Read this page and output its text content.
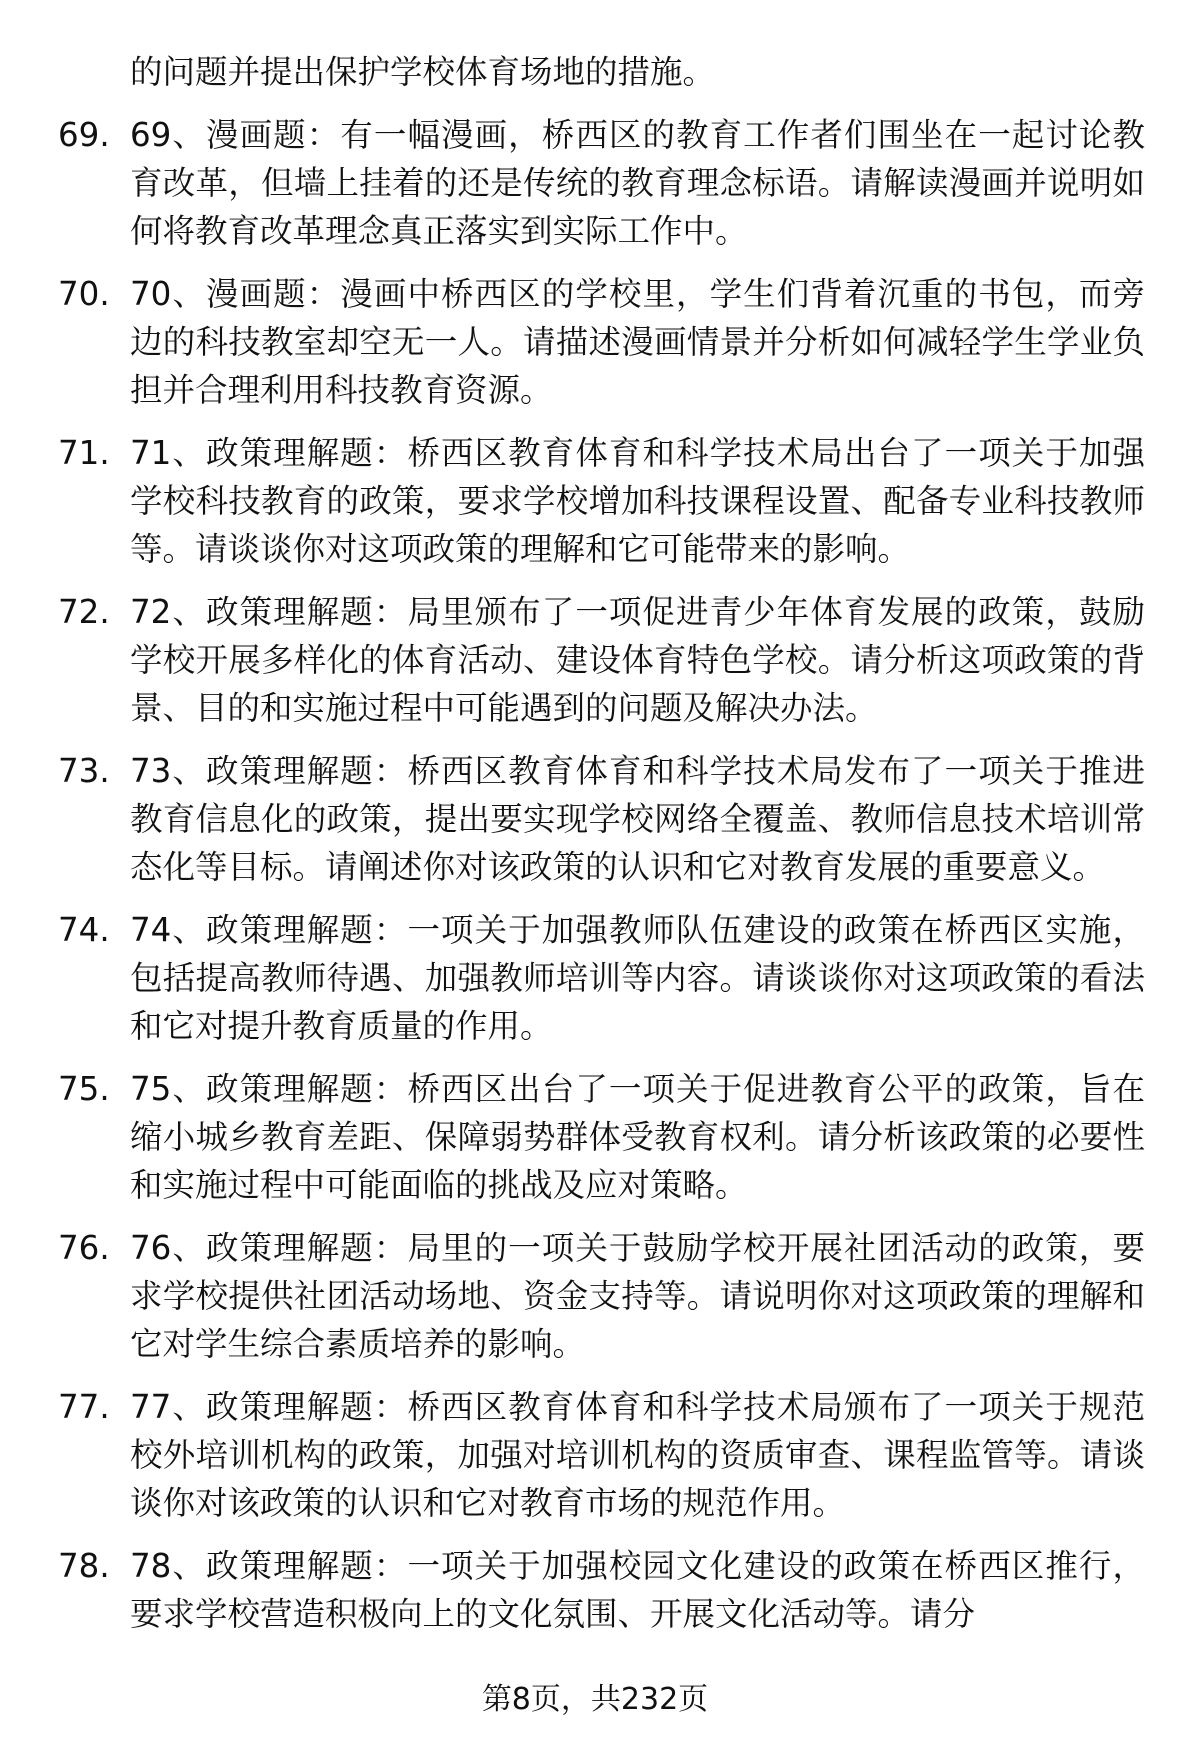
的问题并提出保护学校体育场地的措施。
69. 69、漫画题：有一幅漫画，桥西区的教育工作者们围坐在一起讨论教育改革，但墙上挂着的还是传统的教育理念标语。请解读漫画并说明如何将教育改革理念真正落实到实际工作中。
70. 70、漫画题：漫画中桥西区的学校里，学生们背着沉重的书包，而旁边的科技教室却空无一人。请描述漫画情景并分析如何减轻学生学业负担并合理利用科技教育资源。
71. 71、政策理解题：桥西区教育体育和科学技术局出台了一项关于加强学校科技教育的政策，要求学校增加科技课程设置、配备专业科技教师等。请谈谈你对这项政策的理解和它可能带来的影响。
72. 72、政策理解题：局里颁布了一项促进青少年体育发展的政策，鼓励学校开展多样化的体育活动、建设体育特色学校。请分析这项政策的背景、目的和实施过程中可能遇到的问题及解决办法。
73. 73、政策理解题：桥西区教育体育和科学技术局发布了一项关于推进教育信息化的政策，提出要实现学校网络全覆盖、教师信息技术培训常态化等目标。请阐述你对该政策的认识和它对教育发展的重要意义。
74. 74、政策理解题：一项关于加强教师队伍建设的政策在桥西区实施，包括提高教师待遇、加强教师培训等内容。请谈谈你对这项政策的看法和它对提升教育质量的作用。
75. 75、政策理解题：桥西区出台了一项关于促进教育公平的政策，旨在缩小城乡教育差距、保障弱势群体受教育权利。请分析该政策的必要性和实施过程中可能面临的挑战及应对策略。
76. 76、政策理解题：局里的一项关于鼓励学校开展社团活动的政策，要求学校提供社团活动场地、资金支持等。请说明你对这项政策的理解和它对学生综合素质培养的影响。
77. 77、政策理解题：桥西区教育体育和科学技术局颁布了一项关于规范校外培训机构的政策，加强对培训机构的资质审查、课程监管等。请谈谈你对该政策的认识和它对教育市场的规范作用。
78. 78、政策理解题：一项关于加强校园文化建设的政策在桥西区推行，要求学校营造积极向上的文化氛围、开展文化活动等。请分
第8页，共232页
